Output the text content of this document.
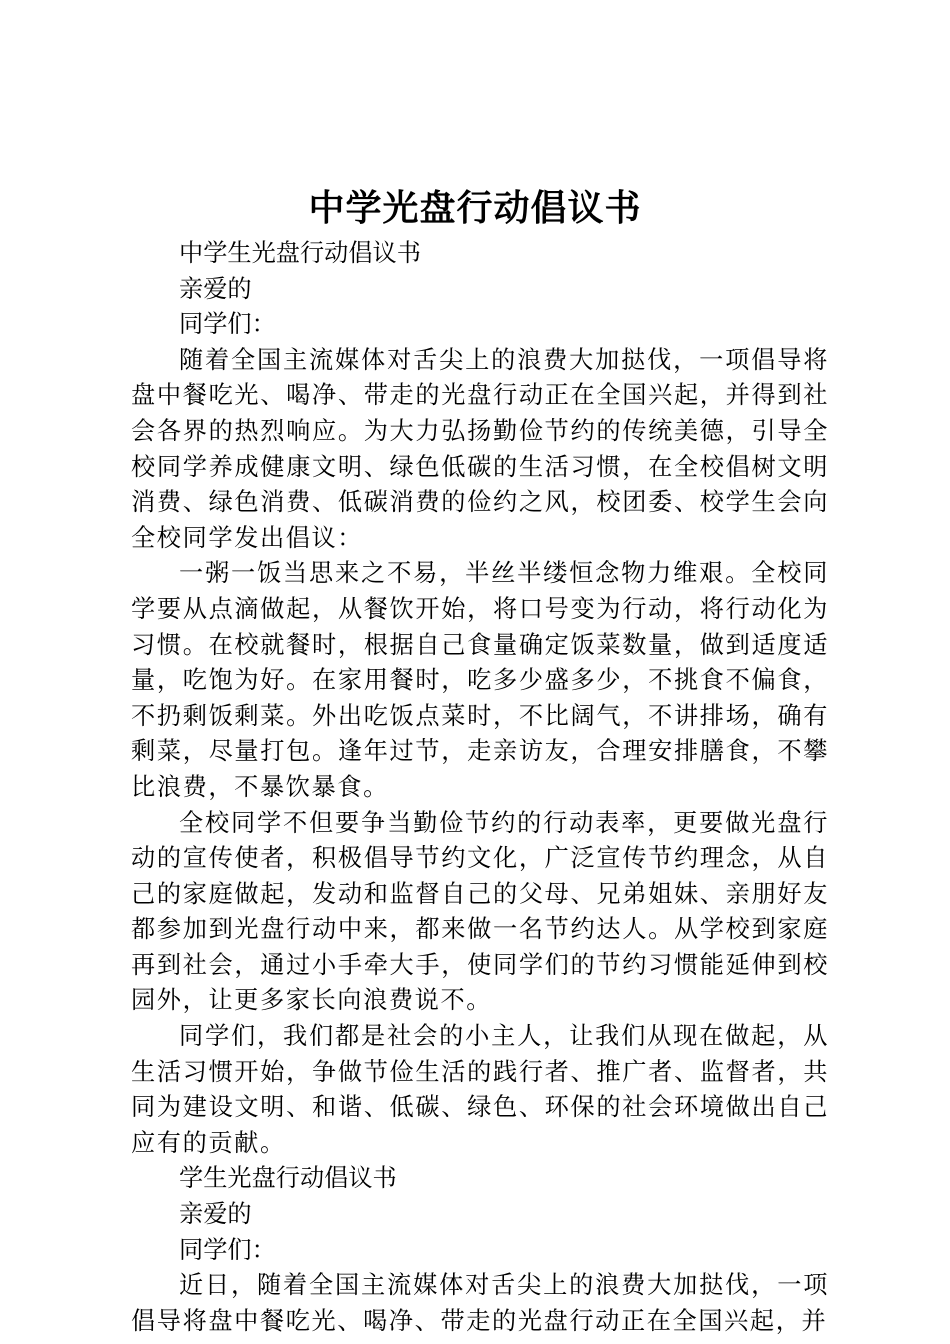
中学光盘行动倡议书

中学生光盘行动倡议书

亲爱的

同学们：

随着全国主流媒体对舌尖上的浪费大加挞伐，一项倡导将盘中餐吃光、喝净、带走的光盘行动正在全国兴起，并得到社会各界的热烈响应。为大力弘扬勤俭节约的传统美德，引导全校同学养成健康文明、绿色低碳的生活习惯，在全校倡树文明消费、绿色消费、低碳消费的俭约之风，校团委、校学生会向全校同学发出倡议：

一粥一饭当思来之不易，半丝半缕恒念物力维艰。全校同学要从点滴做起，从餐饮开始，将口号变为行动，将行动化为习惯。在校就餐时，根据自己食量确定饭菜数量，做到适度适量，吃饱为好。在家用餐时，吃多少盛多少，不挑食不偏食，不扔剩饭剩菜。外出吃饭点菜时，不比阔气，不讲排场，确有剩菜，尽量打包。逢年过节，走亲访友，合理安排膳食，不攀比浪费，不暴饮暴食。

全校同学不但要争当勤俭节约的行动表率，更要做光盘行动的宣传使者，积极倡导节约文化，广泛宣传节约理念，从自己的家庭做起，发动和监督自己的父母、兄弟姐妹、亲朋好友都参加到光盘行动中来，都来做一名节约达人。从学校到家庭再到社会，通过小手牵大手，使同学们的节约习惯能延伸到校园外，让更多家长向浪费说不。

同学们，我们都是社会的小主人，让我们从现在做起，从生活习惯开始，争做节俭生活的践行者、推广者、监督者，共同为建设文明、和谐、低碳、绿色、环保的社会环境做出自己应有的贡献。

学生光盘行动倡议书

亲爱的

同学们：

近日，随着全国主流媒体对舌尖上的浪费大加挞伐，一项倡导将盘中餐吃光、喝净、带走的光盘行动正在全国兴起，并
